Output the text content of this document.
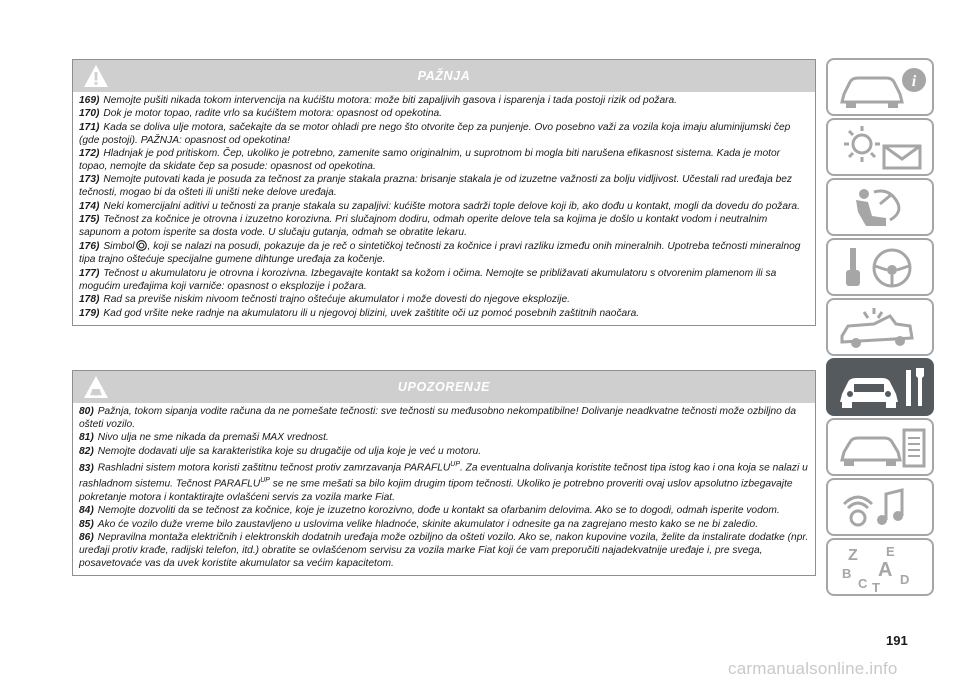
PAŽNJA

169) Nemojte pušiti nikada tokom intervencija na kućištu motora: može biti zapaljivih gasova i isparenja i tada postoji rizik od požara.

170) Dok je motor topao, radite vrlo sa kućištem motora: opasnost od opekotina.

171) Kada se doliva ulje motora, sačekajte da se motor ohladi pre nego što otvorite čep za punjenje. Ovo posebno važi za vozila koja imaju aluminijumski čep (gde postoji). PAŽNJA: opasnost od opekotina!

172) Hladnjak je pod pritiskom. Čep, ukoliko je potrebno, zamenite samo originalnim, u suprotnom bi mogla biti narušena efikasnost sistema. Kada je motor topao, nemojte da skidate čep sa posude: opasnost od opekotina.

173) Nemojte putovati kada je posuda za tečnost za pranje stakala prazna: brisanje stakala je od izuzetne važnosti za bolju vidljivost. Učestali rad uređaja bez tečnosti, mogao bi da ošteti ili uništi neke delove uređaja.

174) Neki komercijalni aditivi u tečnosti za pranje stakala su zapaljivi: kućište motora sadrži tople delove koji ib, ako dođu u kontakt, mogli da dovedu do požara.

175) Tečnost za kočnice je otrovna i izuzetno korozivna. Pri slučajnom dodiru, odmah operite delove tela sa kojima je došlo u kontakt vodom i neutralnim sapunom a potom isperite sa dosta vode. U slučaju gutanja, odmah se obratite lekaru.

176) Simbol , koji se nalazi na posudi, pokazuje da je reč o sintetičkoj tečnosti za kočnice i pravi razliku između onih mineralnih. Upotreba tečnosti mineralnog tipa trajno oštećuje specijalne gumene dihtunge uređaja za kočenje.

177) Tečnost u akumulatoru je otrovna i korozivna. Izbegavajte kontakt sa kožom i očima. Nemojte se približavati akumulatoru s otvorenim plamenom ili sa mogućim uređajima koji varniče: opasnost o eksplozije i požara.

178) Rad sa previše niskim nivoom tečnosti trajno oštećuje akumulator i može dovesti do njegove eksplozije.

179) Kad god vršite neke radnje na akumulatoru ili u njegovoj blizini, uvek zaštitite oči uz pomoć posebnih zaštitnih naočara.

UPOZORENJE

80) Pažnja, tokom sipanja vodite računa da ne pomešate tečnosti: sve tečnosti su međusobno nekompatibilne! Dolivanje neadkvatne tečnosti može ozbiljno da ošteti vozilo.

81) Nivo ulja ne sme nikada da premaši MAX vrednost.

82) Nemojte dodavati ulje sa karakteristika koje su drugačije od ulja koje je već u motoru.

83) Rashladni sistem motora koristi zaštitnu tečnost protiv zamrzavanja $PARAFLU^{UP}$. Za eventualna dolivanja koristite tečnost tipa istog kao i ona koja se nalazi u rashladnom sistemu. Tečnost $PARAFLU^{UP}$ se ne sme mešati sa bilo kojim drugim tipom tečnosti. Ukoliko je potrebno proveriti ovaj uslov apsolutno izbegavajte pokretanje motora i kontaktirajte ovlašćeni servis za vozila marke Fiat.

84) Nemojte dozvoliti da se tečnost za kočnice, koje je izuzetno korozivno, dođe u kontakt sa ofarbanim delovima. Ako se to dogodi, odmah isperite vodom.

85) Ako će vozilo duže vreme bilo zaustavljeno u uslovima velike hladnoće, skinite akumulator i odnesite ga na zagrejano mesto kako se ne bi zaledio.

86) Nepravilna montaža električnih i elektronskih dodatnih uređaja može ozbiljno da ošteti vozilo. Ako se, nakon kupovine vozila, želite da instalirate dodatke (npr. uređaji protiv krađe, radijski telefon, itd.) obratite se ovlašćenom servisu za vozila marke Fiat koji će vam preporučiti najadekvatnije uređaje i, pre svega, posavetovaće vas da uvek koristite akumulator sa većim kapacitetom.

i
Z E
B A
C T
D
191
carmanualsonline.info
